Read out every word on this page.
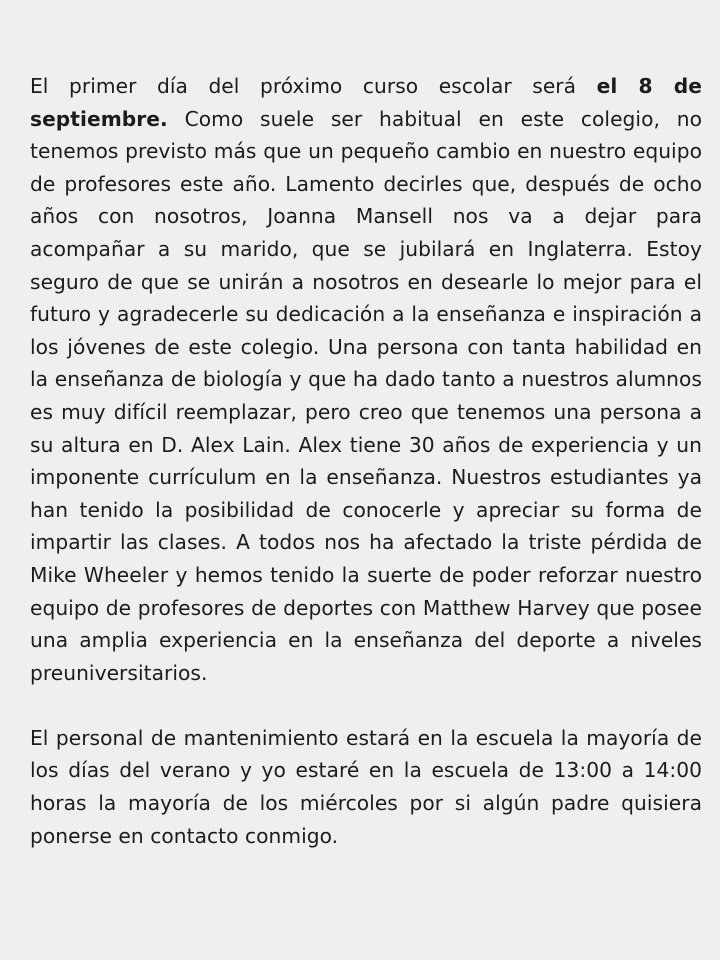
El primer día del próximo curso escolar será el 8 de septiembre. Como suele ser habitual en este colegio, no tenemos previsto más que un pequeño cambio en nuestro equipo de profesores este año. Lamento decirles que, después de ocho años con nosotros, Joanna Mansell nos va a dejar para acompañar a su marido, que se jubilará en Inglaterra. Estoy seguro de que se unirán a nosotros en desearle lo mejor para el futuro y agradecerle su dedicación a la enseñanza e inspiración a los jóvenes de este colegio. Una persona con tanta habilidad en la enseñanza de biología y que ha dado tanto a nuestros alumnos es muy difícil reemplazar, pero creo que tenemos una persona a su altura en D. Alex Lain. Alex tiene 30 años de experiencia y un imponente currículum en la enseñanza. Nuestros estudiantes ya han tenido la posibilidad de conocerle y apreciar su forma de impartir las clases. A todos nos ha afectado la triste pérdida de Mike Wheeler y hemos tenido la suerte de poder reforzar nuestro equipo de profesores de deportes con Matthew Harvey que posee una amplia experiencia en la enseñanza del deporte a niveles preuniversitarios.

El personal de mantenimiento estará en la escuela la mayoría de los días del verano y yo estaré en la escuela de 13:00 a 14:00 horas la mayoría de los miércoles por si algún padre quisiera ponerse en contacto conmigo.
